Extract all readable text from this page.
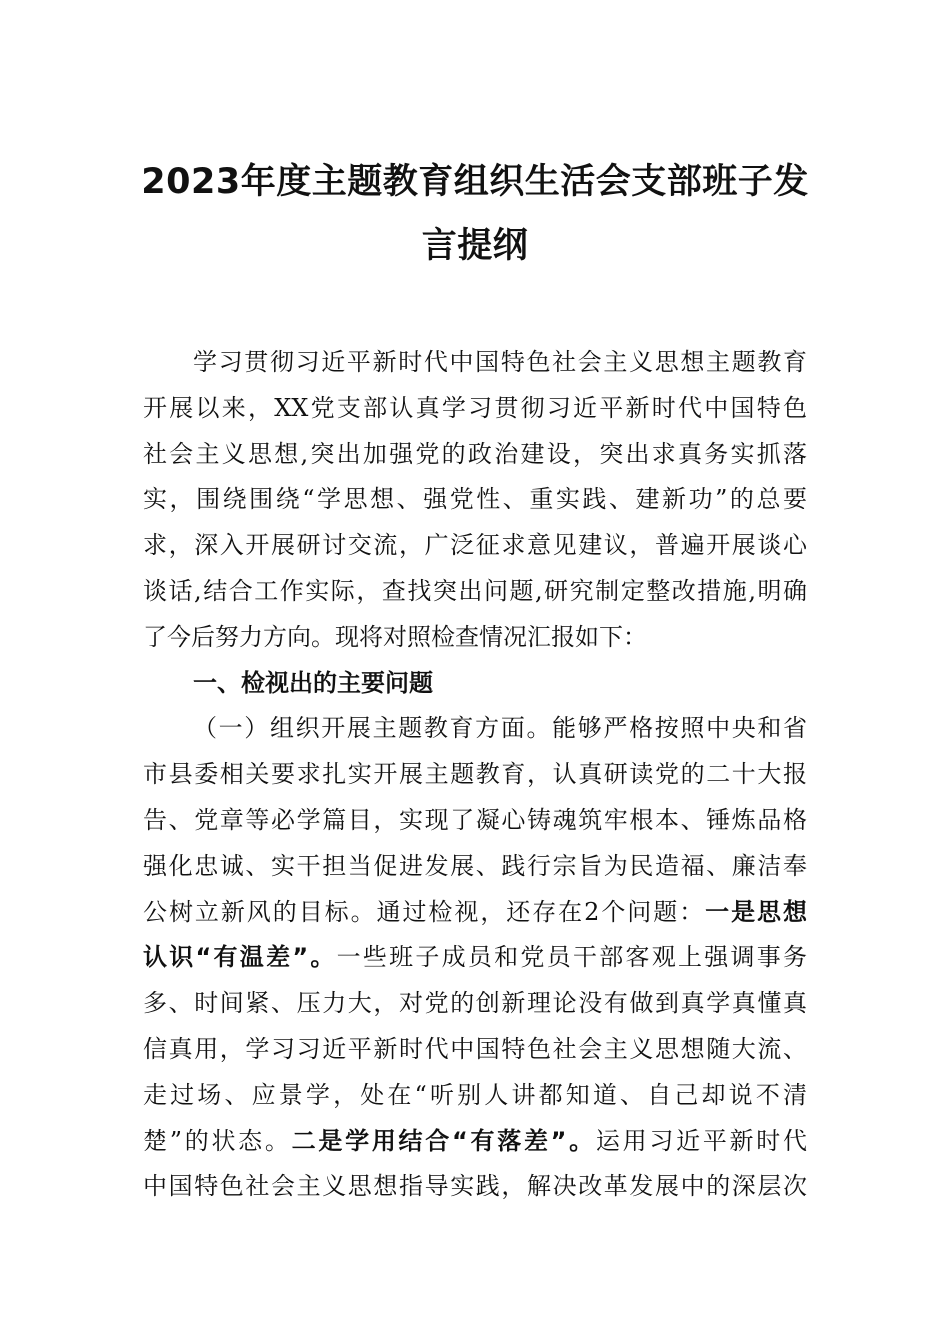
2023年度主题教育组织生活会支部班子发
言提纲
学习贯彻习近平新时代中国特色社会主义思想主题教育
开展以来，XX党支部认真学习贯彻习近平新时代中国特色
社会主义思想,突出加强党的政治建设，突出求真务实抓落
实，围绕围绕“学思想、强党性、重实践、建新功”的总要
求，深入开展研讨交流，广泛征求意见建议，普遍开展谈心
谈话,结合工作实际，查找突出问题,研究制定整改措施,明确
了今后努力方向。现将对照检查情况汇报如下：
一、检视出的主要问题
（一）组织开展主题教育方面。能够严格按照中央和省
市县委相关要求扎实开展主题教育，认真研读党的二十大报
告、党章等必学篇目，实现了凝心铸魂筑牢根本、锤炼品格
强化忠诚、实干担当促进发展、践行宗旨为民造福、廉洁奉
公树立新风的目标。通过检视，还存在2个问题：一是思想
认识“有温差”。一些班子成员和党员干部客观上强调事务
多、时间紧、压力大，对党的创新理论没有做到真学真懂真
信真用，学习习近平新时代中国特色社会主义思想随大流、
走过场、应景学，处在“听别人讲都知道、自己却说不清
楚”的状态。二是学用结合“有落差”。运用习近平新时代
中国特色社会主义思想指导实践，解决改革发展中的深层次
